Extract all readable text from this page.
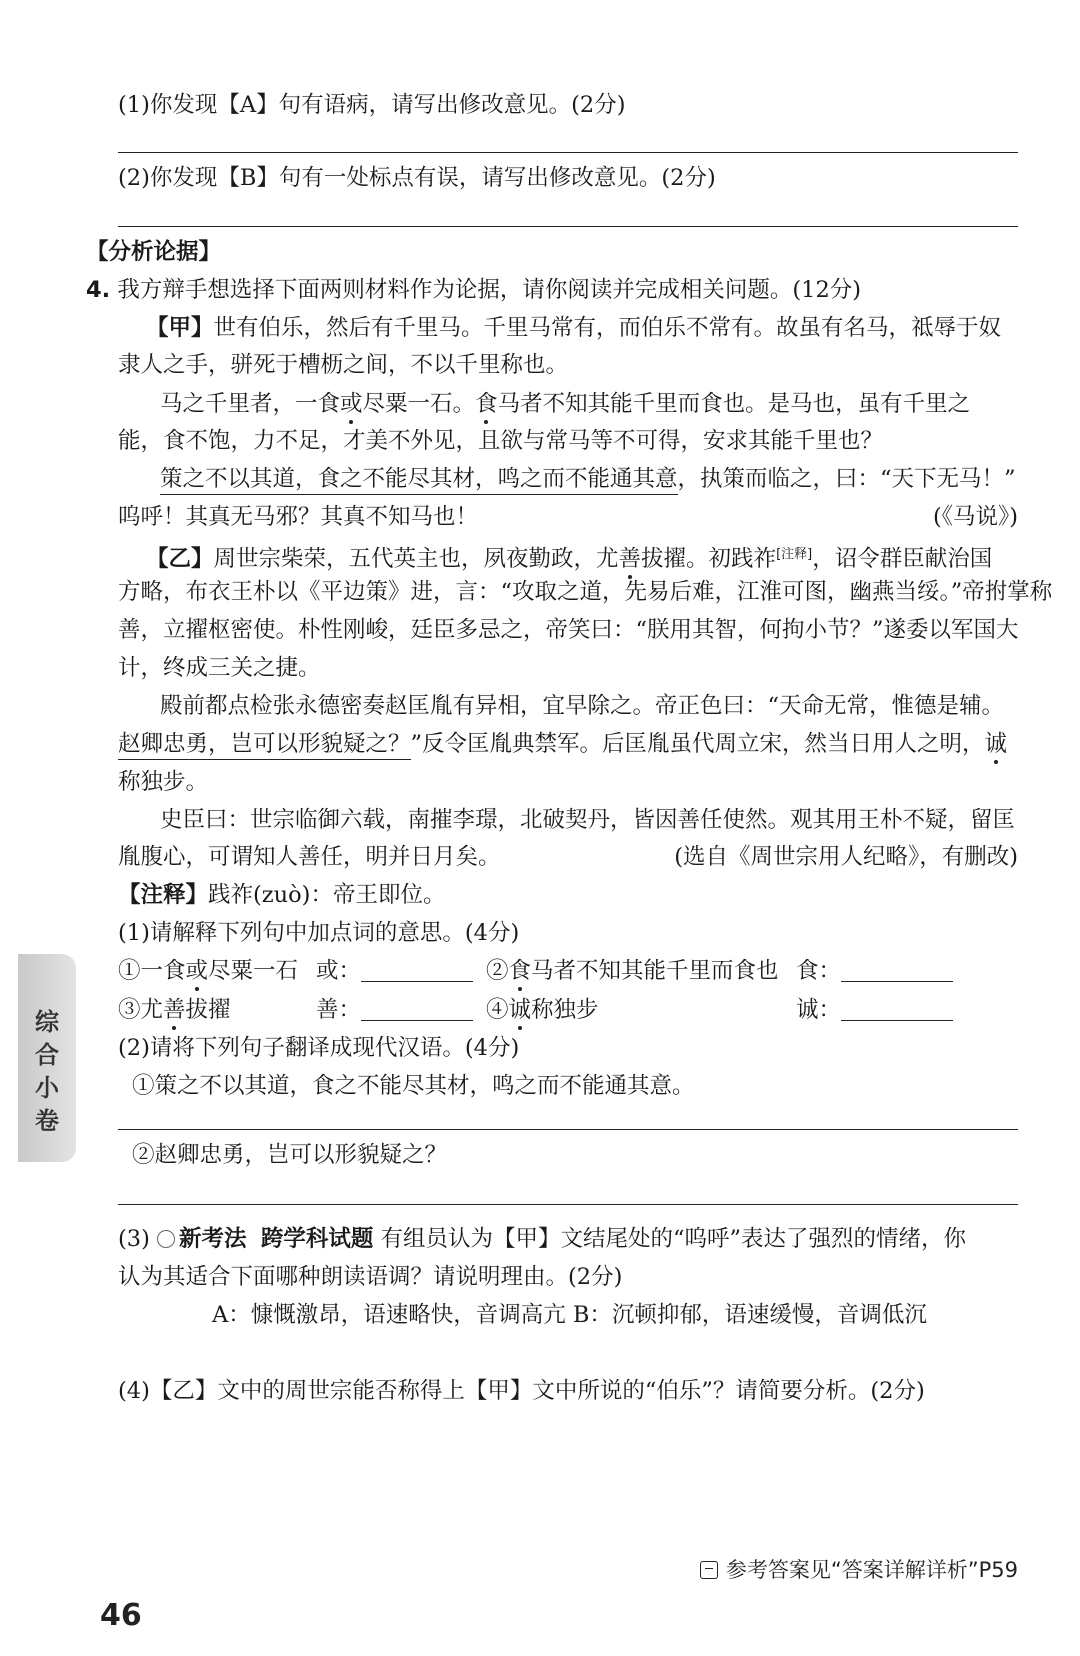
(1)你发现【A】句有语病，请写出修改意见。(2分)
(2)你发现【B】句有一处标点有误，请写出修改意见。(2分)
【分析论据】
4. 我方辩手想选择下面两则材料作为论据，请你阅读并完成相关问题。(12分)
【甲】世有伯乐，然后有千里马。千里马常有，而伯乐不常有。故虽有名马，祗辱于奴
隶人之手，骈死于槽枥之间，不以千里称也。
马之千里者，一食或尽粟一石。食马者不知其能千里而食也。是马也，虽有千里之
能，食不饱，力不足，才美不外见，且欲与常马等不可得，安求其能千里也？
策之不以其道，食之不能尽其材，鸣之而不能通其意，执策而临之，曰：“天下无马！”
呜呼！其真无马邪？其真不知马也！	(《马说》)
【乙】周世宗柴荣，五代英主也，夙夜勤政，尤善拔擢。初践祚[注释]，诏令群臣献治国
方略，布衣王朴以《平边策》进，言：“攻取之道，先易后难，江淮可图，幽燕当绥。”帝拊掌称
善，立擢枢密使。朴性刚峻，廷臣多忌之，帝笑曰：“朕用其智，何拘小节？”遂委以军国大
计，终成三关之捷。
殿前都点检张永德密奏赵匡胤有异相，宜早除之。帝正色曰：“天命无常，惟德是辅。
赵卿忠勇，岂可以形貌疑之？”反令匡胤典禁军。后匡胤虽代周立宋，然当日用人之明，诚
称独步。
史臣曰：世宗临御六载，南摧李璟，北破契丹，皆因善任使然。观其用王朴不疑，留匡
胤腹心，可谓知人善任，明并日月矣。	(选自《周世宗用人纪略》，有删改)
【注释】践祚(zuò)：帝王即位。
(1)请解释下列句中加点词的意思。(4分)
①一食或尽粟一石 或：	②食马者不知其能千里而食也 食：
③尤善拔擢	善：	④诚称独步	诚：
(2)请将下列句子翻译成现代汉语。(4分)
①策之不以其道，食之不能尽其材，鸣之而不能通其意。
②赵卿忠勇，岂可以形貌疑之？
(3) 新考法 跨学科试题 有组员认为【甲】文结尾处的“呜呼”表达了强烈的情绪，你
认为其适合下面哪种朗读语调？请说明理由。(2分)
A：慷慨激昂，语速略快，音调高亢 B：沉顿抑郁，语速缓慢，音调低沉
(4)【乙】文中的周世宗能否称得上【甲】文中所说的“伯乐”？请简要分析。(2分)
综
合
小
卷
参考答案见“答案详解详析”P59
46
